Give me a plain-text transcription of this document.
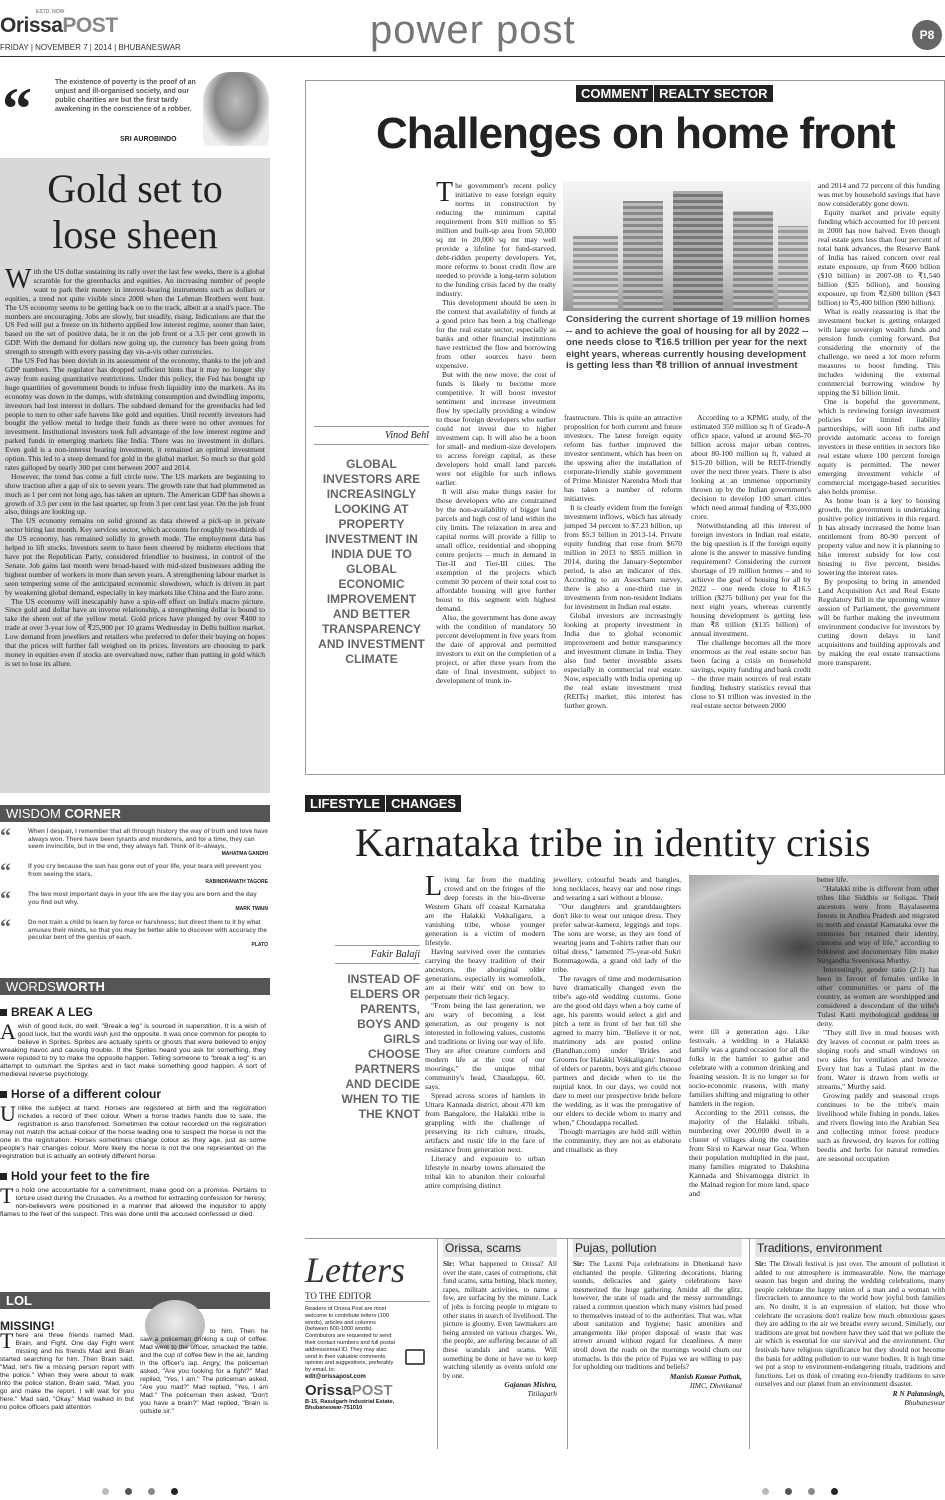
OrissaPOST
ESTD. NOW
FRIDAY | NOVEMBER 7 | 2014 | BHUBANESWAR	power post	P8
“	The existence of poverty is the proof of an unjust and ill-organised society, and our public charities are but the first tardy awakening in the conscience of a robber.
SRI AUROBINDO
Gold set to lose sheen
W ith the US dollar sustaining its rally over the last few weeks, there is a global scramble for the greenbacks and equities. An increasing number of people want to park their money in interest-bearing instruments such as dollars or equities, a trend not quite visible since 2008 when the Lehman Brothers went bust. The US economy seems to be getting back on to the track, albeit at a snail's pace. The numbers are encouraging. Jobs are slowly, but steadily, rising. Indications are that the US Fed will put a freeze on its hitherto applied low interest regime, sooner than later, based on the set of positive data, be it on the job front or a 3.5 per cent growth in GDP. With the demand for dollars now going up, the currency has been going from strength to strength with every passing day vis-a-vis other currencies.

The US Fed has been dovish in its assessment of the economy, thanks to the job and GDP numbers. The regulator has dropped sufficient hints that it may no longer shy away from easing quantitative restrictions. Under this policy, the Fed has bought up huge quantities of government bonds to infuse fresh liquidity into the markets. As its economy was down in the dumps, with shrinking consumption and dwindling imports, investors had lost interest in dollars. The subdued demand for the greenbacks had led people to turn to other safe havens like gold and equities. Until recently investors had bought the yellow metal to hedge their funds as there were no other avenues for investment. Institutional investors took full advantage of the low interest regime and parked funds in emerging markets like India. There was no investment in dollars. Even gold is a non-interest bearing investment, it remained an optimal investment option. This led to a steep demand for gold in the global market. So much so that gold rates galloped by nearly 300 per cent between 2007 and 2014.

However, the trend has come a full circle now. The US markets are beginning to show traction after a gap of six to seven years. The growth rate that had plummeted as much as 1 per cent not long ago, has taken an upturn. The American GDP has shown a growth of 3.5 per cent in the last quarter, up from 3 per cent last year. On the job front also, things are looking up.

The US economy remains on solid ground as data showed a pick-up in private sector hiring last month. Key services sector, which accounts for roughly two-thirds of the US economy, has remained solidly in growth mode. The employment data has helped to lift stocks. Investors seem to have been cheered by midterm elections that have put the Republican Party, considered friendlier to business, in control of the Senate. Job gains last month were broad-based with mid-sized businesses adding the highest number of workers in more than seven years. A strengthening labour market is seen tempering some of the anticipated economic slowdown, which is driven in part by weakening global demand, especially in key markets like China and the Euro zone.

The US economy will inescapably have a spin-off effect on India's macro picture. Since gold and dollar have an inverse relationship, a strengthening dollar is bound to take the sheen out of the yellow metal. Gold prices have plunged by over ₹400 to trade at over 3-year low of ₹25,900 per 10 grams Wednesday in Delhi bullion market. Low demand from jewellers and retailers who preferred to defer their buying on hopes that the prices will further fall weighed on its prices. Investors are choosing to park money in equities even if stocks are overvalued now, rather than putting in gold which is set to lose its allure.

WISDOM CORNER
“	When I despair, I remember that all through history the way of truth and love have always won. There have been tyrants and murderers, and for a time, they can seem invincible, but in the end, they always fall. Think of it--always.
MAHATMA GANDHI
“	If you cry because the sun has gone out of your life, your tears will prevent you from seeing the stars.
RABINDRANATH TAGORE
“	The two most important days in your life are the day you are born and the day you find out why.
MARK TWAIN
“	Do not train a child to learn by force or harshness; but direct them to it by what amuses their minds, so that you may be better able to discover with accuracy the peculiar bent of the genius of each.
PLATO
WORDSWORTH
BREAK A LEG
Awish of good luck, do well. "Break a leg" is sourced in superstition. It is a wish of good luck, but the words wish just the opposite. It was once common for people to believe in Sprites. Sprites are actually spirits or ghosts that were believed to enjoy wreaking havoc and causing trouble. If the Sprites heard you ask for something, they were reputed to try to make the opposite happen. Telling someone to "break a leg" is an attempt to outsmart the Sprites and in fact make something good happen. A sort of medieval reverse psychology.
Horse of a different colour
Unlike the subject at hand. Horses are registered at birth and the registration includes a record of their colour. When a horse trades hands due to sale, the registration is also transferred. Sometimes the colour recorded on the registration may not match the actual colour of the horse leading one to suspect the horse is not the one in the registration. Horses sometimes change colour as they age, just as some people's hair changes colour. More likely the horse is not the one represented on the registration but is actually an entirely different horse.
Hold your feet to the fire
To hold one accountable for a commitment, make good on a promise. Pertains to torture used during the Crusades. As a method for extracting confession for heresy, non-believers were positioned in a manner that allowed the inquisitor to apply flames to the feet of the suspect. This was done until the accused confessed or died.
LOL
MISSING!
There are three friends named Mad, Brain, and Fight. One day Fight went missing and his friends Mad and Brain started searching for him. Then Brain said, "Mad, let's file a missing person report with the police." When they were about to walk into the police station, Brain said, "Mad, you go and make the report. I will wait for you here." Mad said, "Okay." Mad walked in but no police officers paid attention
to him. Then he saw a policeman drinking a cup of coffee. Mad went to the officer, smacked the table, and the cup of coffee flew in the air, landing in the officer's lap. Angry, the policeman asked, "Are you looking for a fight?" Mad replied, "Yes, I am." The policeman asked, "Are you mad?" Mad replied, "Yes, I am Mad." The policeman then asked, "Don't you have a brain?" Mad replied, "Brain is outside sir."
COMMENT REALTY SECTOR
Challenges on home front
Vinod Behl
GLOBAL INVESTORS ARE INCREASINGLY LOOKING AT PROPERTY INVESTMENT IN INDIA DUE TO GLOBAL ECONOMIC IMPROVEMENT AND BETTER TRANSPARENCY AND INVESTMENT CLIMATE
T he government's recent policy initiative to ease foreign equity norms in construction by reducing the minimum capital requirement from $10 million to $5 million and built-up area from 50,000 sq mt to 20,000 sq mt may well provide a lifeline for fund-starved, debt-ridden property developers. Yet, more reforms to boost credit flow are needed to provide a long-term solution to the funding crisis faced by the realty industry.

This development should be seen in the context that availability of funds at a good price has been a big challenge for the real estate sector, especially as banks and other financial institutions have restricted the flow and borrowing from other sources have been expensive.

But with the new move, the cost of funds is likely to become more competitive. It will boost investor sentiment and increase investment flow by specially providing a window to those foreign developers who earlier could not invest due to higher investment cap. It will also be a boon for small- and medium-size developers to access foreign capital, as these developers hold small land parcels were not eligible for such inflows earlier.

It will also make things easier for those developers who are constrained by the non-availability of bigger land parcels and high cost of land within the city limits. The relaxation in area and capital norms will provide a fillip to small office, residential and shopping centre projects – much in demand in Tier-II and Tier-III cities. The exemption of the projects which commit 30 percent of their total cost to affordable housing will give further boost to this segment with highest demand.

Also, the government has done away with the condition of mandatory 50 percent development in five years from the date of approval and permitted investors to exit on the completion of a project, or after three years from the date of final investment, subject to development of trunk in-

Considering the current shortage of 19 million homes -- and to achieve the goal of housing for all by 2022 -- one needs close to ₹16.5 trillion per year for the next eight years, whereas currently housing development is getting less than ₹8 trillion of annual investment

frastructure. This is quite an attractive proposition for both current and future investors. The latest foreign equity reform has further improved the investor sentiment, which has been on the upswing after the installation of corporate-friendly stable government of Prime Minister Narendra Modi that has taken a number of reform initiatives.

It is clearly evident from the foreign investment inflows, which has already jumped 34 percent to $7.23 billion, up from $5.3 billion in 2013-14. Private equity funding that rose from $670 million in 2013 to $855 million in 2014, during the January-September period, is also an indicator of this. According to an Assocham survey, there is also a one-third rise in investments from non-resident Indians for investment in Indian real estate.

Global investors are increasingly looking at property investment in India due to global economic improvement and better transparency and investment climate in India. They also find better investible assets especially in commercial real estate. Now, especially with India opening up the real estate investment trust (REITs) market, this interest has further grown.

According to a KPMG study, of the estimated 350 million sq ft of Grade-A office space, valued at around $65-70 billion across major urban centres, about 80-100 million sq ft, valued at $15-20 billion, will be REIT-friendly over the next three years. There is also looking at an immense opportunity thrown up by the Indian government's decision to develop 100 smart cities which need annual funding of ₹35,000 crore.

Notwithstanding all this interest of foreign investors in Indian real estate, the big question is if the foreign equity alone is the answer to massive funding requirement? Considering the current shortage of 19 million homes – and to achieve the goal of housing for all by 2022 – one needs close to ₹16.5 trillion ($275 billion) per year for the next eight years, whereas currently housing development is getting less than ₹8 trillion ($135 billion) of annual investment.

The challenge becomes all the more enormous as the real estate sector has been facing a crisis on household savings, equity funding and bank credit – the three main sources of real estate funding. Industry statistics reveal that close to $1 trillion was invested in the real estate sector between 2000

and 2014 and 72 percent of this funding was met by household savings that have now considerably gone down.

Equity market and private equity funding which accounted for 10 percent in 2000 has now halved. Even though real estate gets less than four percent of total bank advances, the Reserve Bank of India has raised concern over real estate exposure, up from ₹600 billion ($10 billion) in 2007-08 to ₹1,540 billion ($25 billion), and housing exposure, up from ₹2,600 billion ($43 billion) to ₹5,400 billion ($90 billion).

What is really reassuring is that the investment bucket is getting enlarged with large sovereign wealth funds and pension funds coming forward. But considering the enormity of the challenge, we need a lot more reform measures to boost funding. This includes widening the external commercial borrowing window by upping the $1 billion limit.

One is hopeful the government, which is reviewing foreign investment policies for limited liability partnerships, will soon lift curbs and provide automatic access to foreign investors in these entities in sectors like real estate where 100 percent foreign equity is permitted. The newer emerging investment vehicle of commercial mortgage-based securities also holds promise.

As home loan is a key to housing growth, the government is undertaking positive policy initiatives in this regard. It has already increased the home loan entitlement from 80-90 percent of property value and now it is planning to hike interest subsidy for low cost housing to five percent, besides lowering the interest rates.

By proposing to bring in amended Land Acquisition Act and Real Estate Regulatory Bill in the upcoming winter session of Parliament, the government will be further making the investment environment conducive for investors by cutting down delays in land acquisitions and building approvals and by making the real estate transactions more transparent.

LIFESTYLE CHANGES
Karnataka tribe in identity crisis
Fakir Balaji
INSTEAD OF ELDERS OR PARENTS, BOYS AND GIRLS CHOOSE PARTNERS AND DECIDE WHEN TO TIE THE KNOT
L iving far from the madding crowd and on the fringes of the deep forests in the bio-diverse Western Ghats off coastal Karnataka are the Halakki Vokkaligaru, a vanishing tribe, whose younger generation is a victim of modern lifestyle.

Having survived over the centuries carrying the heavy tradition of their ancestors, the aboriginal older generations, especially its womenfolk, are at their wits' end on how to perpetuate their rich legacy.

"From being the last generation, we are wary of becoming a lost generation, as our progeny is not interested in following values, customs and traditions or living our way of life. They are after creature comforts and modern life at the cost of our moorings," the unique tribal community's head, Chaudappa, 60, says.

Spread across scores of hamlets in Uttara Kannada district, about 470 km from Bangalore, the Halakki tribe is grappling with the challenge of preserving its rich culture, rituals, artifacts and rustic life in the face of resistance from generation next.

Literacy and exposure to urban lifestyle in nearby towns alienated the tribal kin to abandon their colourful attire comprising distinct

jewellery, colourful beads and bangles, long necklaces, heavy ear and nose rings and wearing a sari without a blouse.

"Our daughters and granddaughters don't like to wear our unique dress. They prefer salwar-kameez, leggings and tops. The sons are worse, as they are fond of wearing jeans and T-shirts rather than our tribal dress," lamented 75-year-old Sukri Bommagowda, a grand old lady of the tribe.

The ravages of time and modernisation have dramatically changed even the tribe's age-old wedding customs. Gone are the good old days when a boy came of age, his parents would select a girl and pitch a tent in front of her hut till she agreed to marry him. "Believe it or not, matrimony ads are posted online (Bandhan.com) under 'Brides and Grooms for Halakki Vokkaligaru'. Instead of elders or parents, boys and girls choose partners and decide when to tie the nuptial knot. In our days, we could not dare to meet our prospective bride before the wedding, as it was the prerogative of our elders to decide whom to marry and when," Choudappa recalled.

Though marriages are held still within the community, they are not as elaborate and ritualistic as they

were till a generation ago. Like festivals, a wedding in a Halakki family was a grand occasion for all the folks in the hamlet to gather and celebrate with a common drinking and feasting session. It is no longer so for socio-economic reasons, with many families shifting and migrating to other hamlets in the region.

According to the 2011 census, the majority of the Halakki tribals, numbering over 200,000 dwell in a cluster of villages along the coastline from Sirsi to Karwar near Goa. When their population multiplied in the past, many families migrated to Dakshina Kannada and Shivamogga district in the Malnad region for more land, space and

better life.

"Halakki tribe is different from other tribes like Siddhis or Soligas. Their ancestors were from Rayalaseema forests in Andhra Pradesh and migrated to north and coastal Karnataka over the centuries but retained their identity, customs and way of life," according to folklorist and documentary film maker Sirigandha Sreenivasa Murthy.

Interestingly, gender ratio (2:1) has been in favour of females unlike in other communities or parts of the country, as women are worshipped and considered a descendant of the tribe's Tulasi Katti mythological goddess or deity.

"They still live in mud houses with dry leaves of coconut or palm trees as sloping roofs and small windows on two sides for ventilation and breeze. Every hut has a Tulasi plant in the front. Water is drawn from wells or streams," Murthy said.

Growing paddy and seasonal crops continues to be the tribe's main livelihood while fishing in ponds, lakes and rivers flowing into the Arabian Sea and collecting minor forest produce such as firewood, dry leaves for rolling beedis and herbs for natural remedies are seasonal occupation

Letters
TO THE EDITOR
Readers of Orissa Post are most welcome to contribute letters (100 words), articles and columns (between 600-1000 words). Contributors are requested to send their contact numbers and full postal address/email ID. They may also send in their valuable comments, opinion and suggestions, preferably by email, to:
edit@orissapost.com
OrissaPOST
B-15, Rasulgarh Industrial Estate,
Bhubaneswar-751010
Orissa, scams
Sir: What happened to Orissa? All over the state, cases of corruptions, chit fund scams, satta betting, black money, rapes, militant activities, to name a few, are surfacing by the minute. Lack of jobs is forcing people to migrate to other states in search of livelihood. The picture is gloomy. Even lawmakers are being arrested on various charges. We, the people, are suffering because of all these scandals and scams. Will something be done or have we to keep watching silently as events unfold one by one.
Gajanan Mishra,
Titilagarh
Pujas, pollution
Sir: The Laxmi Puja celebrations in Dhenkanal have enchanted the people. Glittering decorations, blaring sounds, delicacies and gaiety celebrations have mesmerized the huge gathering. Amidst all the glitz, however, the state of roads and the messy surroundings raised a common question which many visitors had posed to themselves instead of to the authorities. That was, what about sanitation and hygiene; basic amenities and arrangements like proper disposal of waste that was strewn around without regard for cleanliness. A mere stroll down the roads on the mornings would churn our stomachs. Is this the price of Pujas we are willing to pay for upholding our traditions and beliefs?
Manish Kumar Pathak,
IIMC, Dhenkanal
Traditions, environment
Sir: The Diwali festival is just over. The amount of pollution it added to our atmosphere is immeasurable. Now, the marriage season has begun and during the wedding celebrations, many people celebrate the happy union of a man and a woman with firecrackers to announce to the world how joyful both families are. No doubt, it is an expression of elation, but those who celebrate the occasions don't realize how much obnoxious gases they are adding to the air we breathe every second. Similarly, our traditions are great but nowhere have they said that we pollute the air which is essential for our survival and the environment. Our festivals have religious significance but they should not become the basis for adding pollution to our water bodies. It is high time we put a stop to environment-endangering rituals, traditions and functions. Let us think of creating eco-friendly traditions to save ourselves and our planet from an environment disaster.
R N Palatasingh,
Bhubaneswar
